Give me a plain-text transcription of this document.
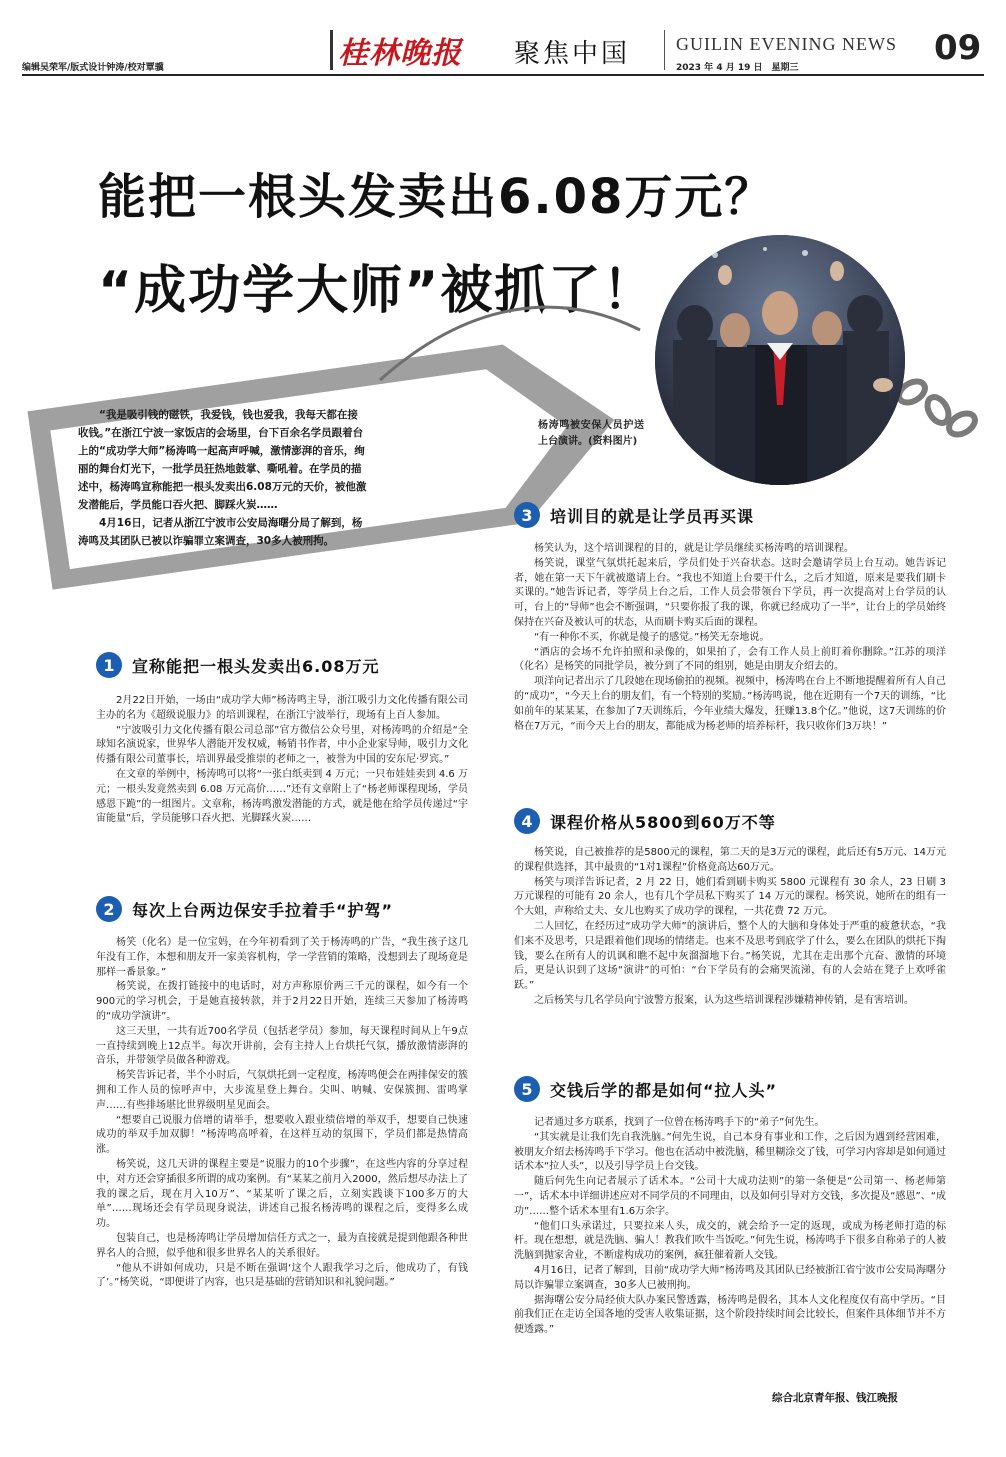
编辑吴荣军/版式设计钟涛/校对覃骥	桂林晚报 聚焦中国	GUILIN EVENING NEWS
2023 年 4 月 19 日　星期三	09
能把一根头发卖出6.08万元？
“成功学大师”被抓了！
杨涛鸣被安保人员护送上台演讲。(资料图片)

“我是吸引钱的磁铁，我爱钱，钱也爱我，我每天都在接收钱。”在浙江宁波一家饭店的会场里，台下百余名学员跟着台上的“成功学大师”杨涛鸣一起高声呼喊，激情澎湃的音乐，绚丽的舞台灯光下，一批学员狂热地鼓掌、嘶吼着。在学员的描述中，杨涛鸣宣称能把一根头发卖出6.08万元的天价，被他激发潜能后，学员能口吞火把、脚踩火炭……

4月16日，记者从浙江宁波市公安局海曙分局了解到，杨涛鸣及其团队已被以诈骗罪立案调查，30多人被刑拘。

1	宣称能把一根头发卖出6.08万元

2月22日开始，一场由“成功学大师”杨涛鸣主导，浙江吸引力文化传播有限公司主办的名为《超级说服力》的培训课程，在浙江宁波举行，现场有上百人参加。

“宁波吸引力文化传播有限公司总部”官方微信公众号里，对杨涛鸣的介绍是“全球知名演说家，世界华人潜能开发权威，畅销书作者，中小企业家导师，吸引力文化传播有限公司董事长，培训界最受推崇的老师之一，被誉为中国的安东尼·罗宾。”

在文章的举例中，杨涛鸣可以将“一张白纸卖到 4 万元；一只布娃娃卖到 4.6 万元；一根头发竟然卖到 6.08 万元高价……”还有文章附上了“杨老师课程现场，学员感恩下跪”的一组图片。文章称，杨涛鸣激发潜能的方式，就是他在给学员传递过“宇宙能量”后，学员能够口吞火把、光脚踩火炭……

2	每次上台两边保安手拉着手“护驾”

杨笑（化名）是一位宝妈，在今年初看到了关于杨涛鸣的广告，“我生孩子这几年没有工作，本想和朋友开一家美容机构，学一学营销的策略，没想到去了现场竟是那样一番景象。”

杨笑说，在拨打链接中的电话时，对方声称原价两三千元的课程，如今有一个900元的学习机会，于是她直接转款，并于2月22日开始，连续三天参加了杨涛鸣的“成功学演讲”。

这三天里，一共有近700名学员（包括老学员）参加，每天课程时间从上午9点一直持续到晚上12点半。每次开讲前，会有主持人上台烘托气氛，播放激情澎湃的音乐，并带领学员做各种游戏。

杨笑告诉记者，半个小时后，气氛烘托到一定程度，杨涛鸣便会在两排保安的簇拥和工作人员的惊呼声中，大步流星登上舞台。尖叫、呐喊、安保簇拥、雷鸣掌声……有些排场堪比世界级明星见面会。

“想要自己说服力倍增的请举手，想要收入跟业绩倍增的举双手，想要自己快速成功的举双手加双脚！”杨涛鸣高呼着，在这样互动的氛围下，学员们都是热情高涨。

杨笑说，这几天讲的课程主要是“说服力的10个步骤”，在这些内容的分享过程中，对方还会穿插很多所谓的成功案例。有“某某之前月入2000，然后想尽办法上了我的课之后，现在月入10万”、“某某听了课之后，立刻实践谈下100多万的大单”……现场还会有学员现身说法，讲述自己报名杨涛鸣的课程之后，变得多么成功。

包装自己，也是杨涛鸣让学员增加信任方式之一，最为直接就是提到他跟各种世界名人的合照，似乎他和很多世界名人的关系很好。

“他从不讲如何成功，只是不断在强调‘这个人跟我学习之后，他成功了，有钱了’。”杨笑说，“即便讲了内容，也只是基础的营销知识和礼貌问题。”

3	培训目的就是让学员再买课

杨笑认为，这个培训课程的目的，就是让学员继续买杨涛鸣的培训课程。

杨笑说，课堂气氛烘托起来后，学员们处于兴奋状态。这时会邀请学员上台互动。她告诉记者，她在第一天下午就被邀请上台。“我也不知道上台要干什么，之后才知道，原来是要我们刷卡买课的。”她告诉记者，等学员上台之后，工作人员会带领台下学员，再一次提高对上台学员的认可，台上的“导师”也会不断强调，“只要你报了我的课，你就已经成功了一半”，让台上的学员始终保持在兴奋及被认可的状态，从而刷卡购买后面的课程。

“有一种你不买，你就是傻子的感觉。”杨笑无奈地说。

“酒店的会场不允许拍照和录像的，如果拍了，会有工作人员上前盯着你删除。”江苏的项洋（化名）是杨笑的同批学员，被分到了不同的组别，她是由朋友介绍去的。

项洋向记者出示了几段她在现场偷拍的视频。视频中，杨涛鸣在台上不断地提醒着所有人自己的“成功”，“今天上台的朋友们，有一个特别的奖励。”杨涛鸣说，他在近期有一个7天的训练，“比如前年的某某某，在参加了7天训练后，今年业绩大爆发，狂赚13.8个亿。”他说，这7天训练的价格在7万元，“而今天上台的朋友，都能成为杨老师的培养标杆，我只收你们3万块！”

4	课程价格从5800到60万不等

杨笑说，自己被推荐的是5800元的课程，第二天的是3万元的课程，此后还有5万元、14万元的课程供选择，其中最贵的“1对1课程”价格竟高达60万元。

杨笑与项洋告诉记者，2 月 22 日，她们看到刷卡购买 5800 元课程有 30 余人，23 日刷 3 万元课程的可能有 20 余人，也有几个学员私下购买了 14 万元的课程。杨笑说，她所在的组有一个大姐，声称给丈夫、女儿也购买了成功学的课程，一共花费 72 万元。

二人回忆，在经历过“成功学大师”的演讲后，整个人的大脑和身体处于严重的疲惫状态，“我们来不及思考，只是跟着他们现场的情绪走。也来不及思考到底学了什么，要么在团队的烘托下掏钱，要么在所有人的讥讽和瞧不起中灰溜溜地下台。”杨笑说，尤其在走出那个亢奋、激情的环境后，更是认识到了这场“演讲”的可怕：“台下学员有的会痛哭流涕，有的人会站在凳子上欢呼雀跃。”

之后杨笑与几名学员向宁波警方报案，认为这些培训课程涉嫌精神传销，是有害培训。

5	交钱后学的都是如何“拉人头”

记者通过多方联系，找到了一位曾在杨涛鸣手下的“弟子”何先生。

“其实就是让我们先自我洗脑。”何先生说，自己本身有事业和工作，之后因为遇到经营困难，被朋友介绍去杨涛鸣手下学习。他也在活动中被洗脑，稀里糊涂交了钱，可学习内容却是如何通过话术本“拉人头”，以及引导学员上台交钱。

随后何先生向记者展示了话术本。“公司十大成功法则”的第一条便是“公司第一、杨老师第一”，话术本中详细讲述应对不同学员的不同理由，以及如何引导对方交钱，多次提及“感恩”、“成功”……整个话术本里有1.6万余字。

“他们口头承诺过，只要拉来人头，成交的，就会给予一定的返现，或成为杨老师打造的标杆。现在想想，就是洗脑、骗人！教我们吹牛当饭吃。”何先生说，杨涛鸣手下很多自称弟子的人被洗脑到抛家舍业，不断虚构成功的案例，疯狂催着新人交钱。

4月16日，记者了解到，目前“成功学大师”杨涛鸣及其团队已经被浙江省宁波市公安局海曙分局以诈骗罪立案调查，30多人已被刑拘。

据海曙公安分局经侦大队办案民警透露，杨涛鸣是假名，其本人文化程度仅有高中学历。“目前我们正在走访全国各地的受害人收集证据，这个阶段持续时间会比较长，但案件具体细节并不方便透露。”

综合北京青年报、钱江晚报
